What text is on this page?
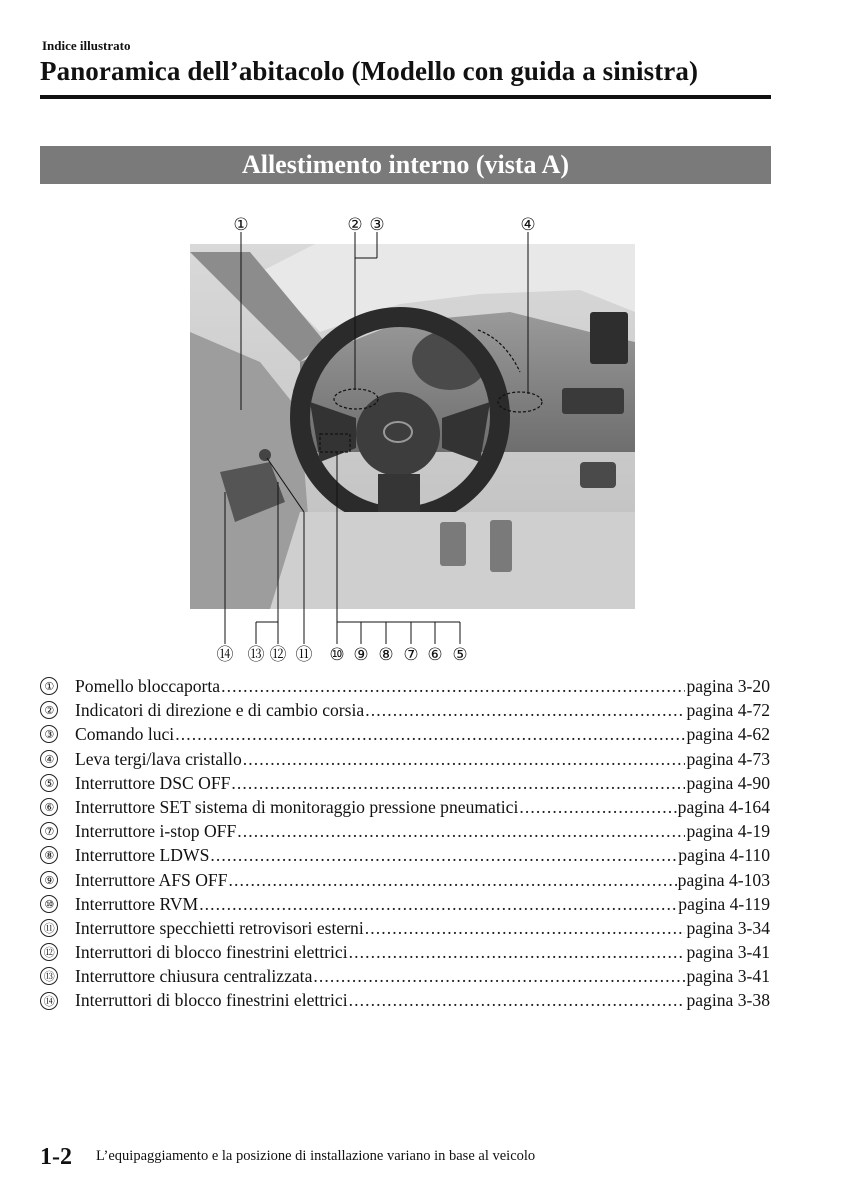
Indice illustrato
Panoramica dell’abitacolo (Modello con guida a sinistra)
Allestimento interno (vista A)
①	② ③	④
⑭ ⑬ ⑫ ⑪ ⑩ ⑨ ⑧ ⑦ ⑥ ⑤
① Pomello bloccaporta .....	pagina 3-20
② Indicatori di direzione e di cambio corsia .....	pagina 4-72
③ Comando luci .....	pagina 4-62
④ Leva tergi/lava cristallo .....	pagina 4-73
⑤ Interruttore DSC OFF .....	pagina 4-90
⑥ Interruttore SET sistema di monitoraggio pressione pneumatici .....	pagina 4-164
⑦ Interruttore i-stop OFF .....	pagina 4-19
⑧ Interruttore LDWS .....	pagina 4-110
⑨ Interruttore AFS OFF .....	pagina 4-103
⑩ Interruttore RVM .....	pagina 4-119
⑪ Interruttore specchietti retrovisori esterni .....	pagina 3-34
⑫ Interruttori di blocco finestrini elettrici .....	pagina 3-41
⑬ Interruttore chiusura centralizzata .....	pagina 3-41
⑭ Interruttori di blocco finestrini elettrici .....	pagina 3-38
1-2 L’equipaggiamento e la posizione di installazione variano in base al veicolo
